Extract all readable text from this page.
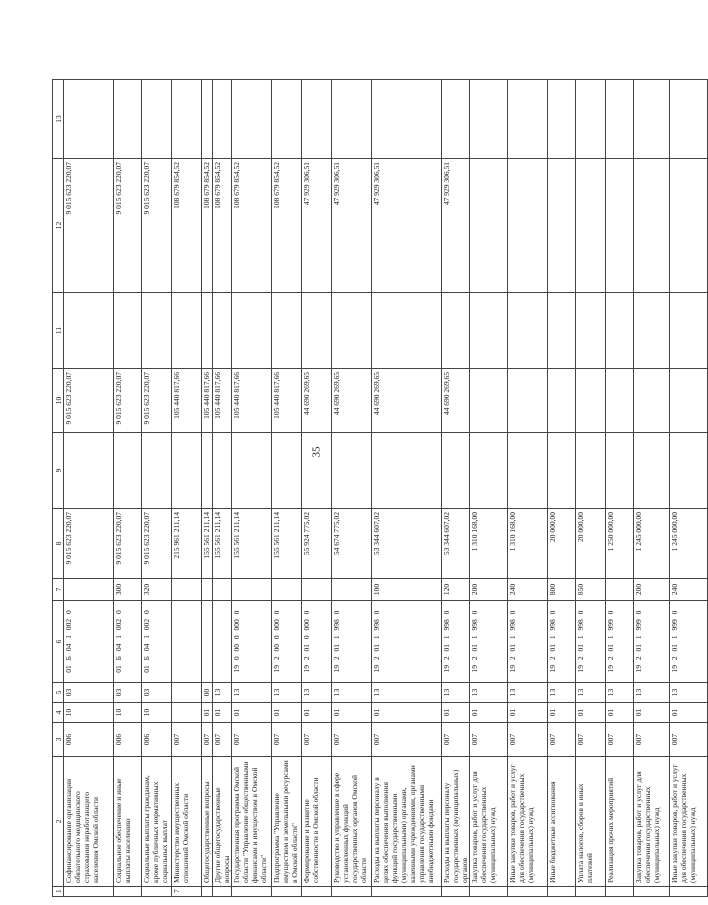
35
1	2	3	4	5	6	7	8	9	10	11	12	13
	Софинансирование организации обязательного медицинского страхования неработающего населения Омской области	006	10	03	01 Б 04 1 002 0		9 015 623 220,07		9 015 623 220,07		9 015 623 220,07	
	Социальное обеспечение и иные выплаты населению	006	10	03	01 Б 04 1 002 0	300	9 015 623 220,07		9 015 623 220,07		9 015 623 220,07	
	Социальные выплаты гражданам, кроме публичных нормативных социальных выплат	006	10	03	01 Б 04 1 002 0	320	9 015 623 220,07		9 015 623 220,07		9 015 623 220,07	
7	Министерство имущественных отношений Омской области	007					215 961 211,14		105 440 817,66		108 679 854,52	
	Общегосударственные вопросы	007	01	00			155 561 211,14		105 440 817,66		108 679 854,52	
	Другие общегосударственные вопросы	007	01	13			155 561 211,14		105 440 817,66		108 679 854,52	
	Государственная программа Омской области "Управление общественными финансами и имуществом в Омской области"	007	01	13	19 0 00 0 000 0		155 561 211,14		105 440 817,66		108 679 854,52	
	Подпрограмма "Управление имуществом и земельными ресурсами в Омской области"	007	01	13	19 2 00 0 000 0		155 561 211,14		105 440 817,66		108 679 854,52	
	Формирование и развитие собственности в Омской области	007	01	13	19 2 01 0 000 0		55 924 775,02		44 690 269,65		47 929 306,51	
	Руководство и управление в сфере установленных функций государственных органов Омской области	007	01	13	19 2 01 1 998 0		54 674 775,02		44 690 269,65		47 929 306,51	
	Расходы на выплаты персоналу в целях обеспечения выполнения функций государственными (муниципальными) органами, казенными учреждениями, органами управления государственными внебюджетными фондами	007	01	13	19 2 01 1 998 0	100	53 344 607,02		44 690 269,65		47 929 306,51	
	Расходы на выплаты персоналу государственных (муниципальных) органов	007	01	13	19 2 01 1 998 0	120	53 344 607,02		44 690 269,65		47 929 306,51	
	Закупка товаров, работ и услуг для обеспечения государственных (муниципальных) нужд	007	01	13	19 2 01 1 998 0	200	1 310 168,00					
	Иные закупки товаров, работ и услуг для обеспечения государственных (муниципальных) нужд	007	01	13	19 2 01 1 998 0	240	1 310 168,00					
	Иные бюджетные ассигнования	007	01	13	19 2 01 1 998 0	800	20 000,00					
	Уплата налогов, сборов и иных платежей	007	01	13	19 2 01 1 998 0	850	20 000,00					
	Реализация прочих мероприятий	007	01	13	19 2 01 1 999 0		1 250 000,00					
	Закупка товаров, работ и услуг для обеспечения государственных (муниципальных) нужд	007	01	13	19 2 01 1 999 0	200	1 245 000,00					
	Иные закупки товаров, работ и услуг для обеспечения государственных (муниципальных) нужд	007	01	13	19 2 01 1 999 0	240	1 245 000,00					
